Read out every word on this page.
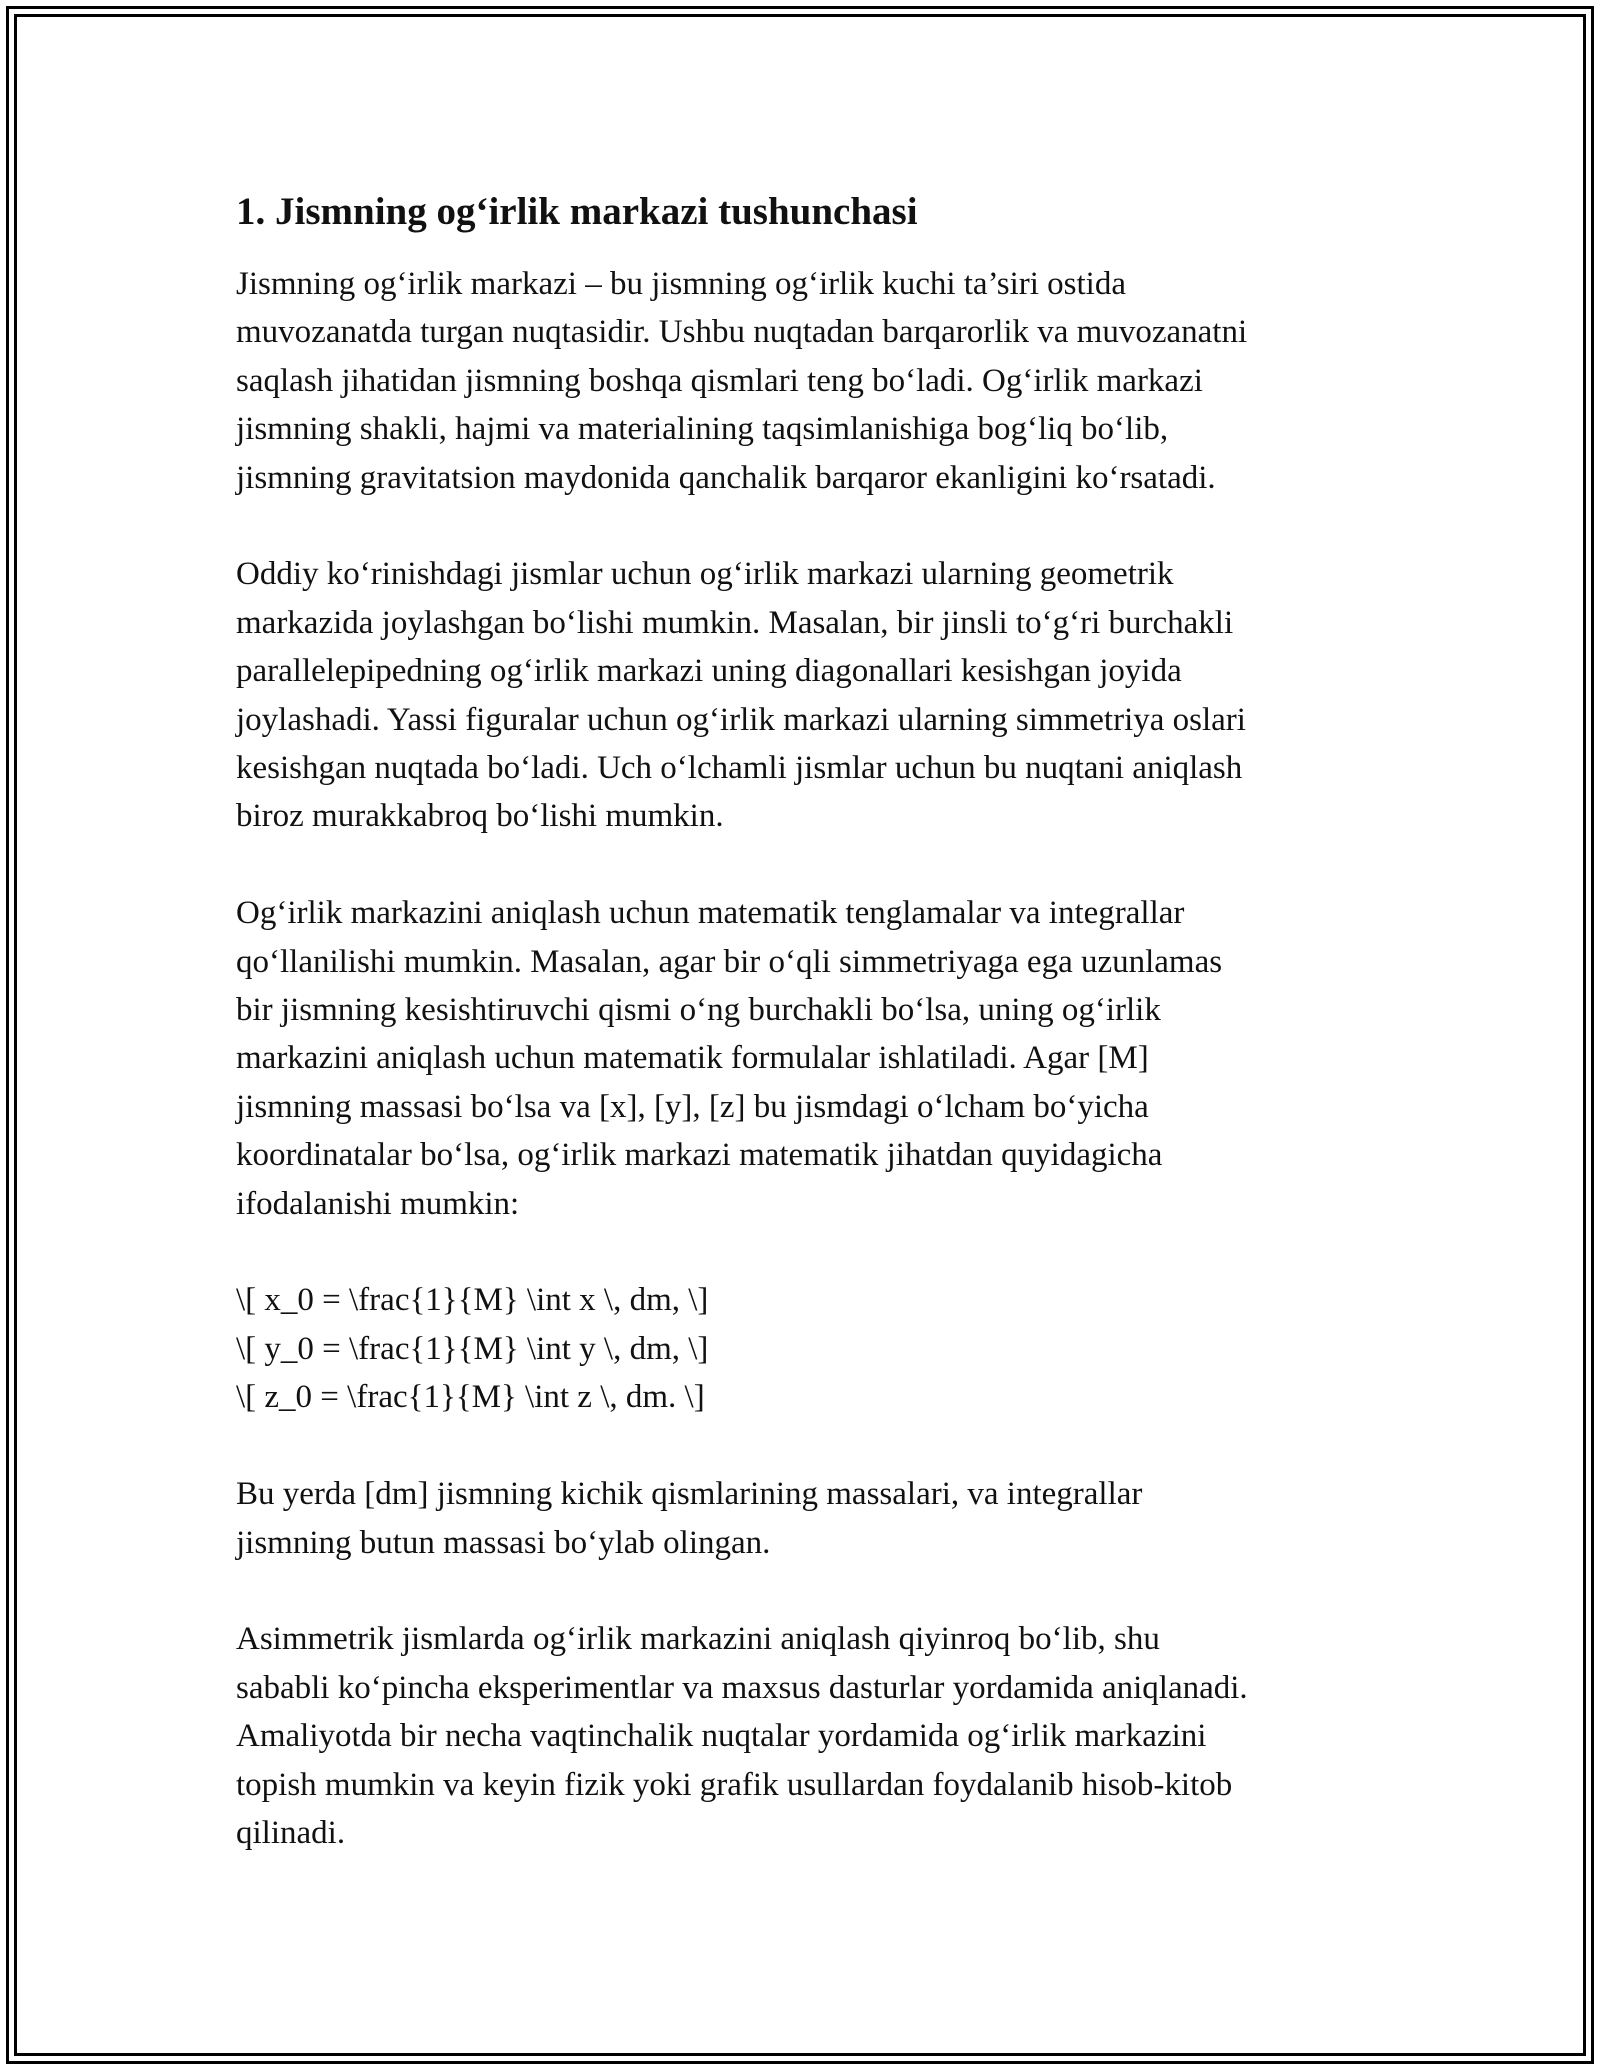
1. Jismning og‘irlik markazi tushunchasi
Jismning og‘irlik markazi – bu jismning og‘irlik kuchi ta’siri ostida
muvozanatda turgan nuqtasidir. Ushbu nuqtadan barqarorlik va muvozanatni
saqlash jihatidan jismning boshqa qismlari teng bo‘ladi. Og‘irlik markazi
jismning shakli, hajmi va materialining taqsimlanishiga bog‘liq bo‘lib,
jismning gravitatsion maydonida qanchalik barqaror ekanligini ko‘rsatadi.
Oddiy ko‘rinishdagi jismlar uchun og‘irlik markazi ularning geometrik
markazida joylashgan bo‘lishi mumkin. Masalan, bir jinsli to‘g‘ri burchakli
parallelepipedning og‘irlik markazi uning diagonallari kesishgan joyida
joylashadi. Yassi figuralar uchun og‘irlik markazi ularning simmetriya oslari
kesishgan nuqtada bo‘ladi. Uch o‘lchamli jismlar uchun bu nuqtani aniqlash
biroz murakkabroq bo‘lishi mumkin.
Og‘irlik markazini aniqlash uchun matematik tenglamalar va integrallar
qo‘llanilishi mumkin. Masalan, agar bir o‘qli simmetriyaga ega uzunlamas
bir jismning kesishtiruvchi qismi o‘ng burchakli bo‘lsa, uning og‘irlik
markazini aniqlash uchun matematik formulalar ishlatiladi. Agar [M]
jismning massasi bo‘lsa va [x], [y], [z] bu jismdagi o‘lcham bo‘yicha
koordinatalar bo‘lsa, og‘irlik markazi matematik jihatdan quyidagicha
ifodalanishi mumkin:
\[ x_0 = \frac{1}{M} \int x \, dm, \]
\[ y_0 = \frac{1}{M} \int y \, dm, \]
\[ z_0 = \frac{1}{M} \int z \, dm. \]
Bu yerda [dm] jismning kichik qismlarining massalari, va integrallar
jismning butun massasi bo‘ylab olingan.
Asimmetrik jismlarda og‘irlik markazini aniqlash qiyinroq bo‘lib, shu
sababli ko‘pincha eksperimentlar va maxsus dasturlar yordamida aniqlanadi.
Amaliyotda bir necha vaqtinchalik nuqtalar yordamida og‘irlik markazini
topish mumkin va keyin fizik yoki grafik usullardan foydalanib hisob-kitob
qilinadi.
